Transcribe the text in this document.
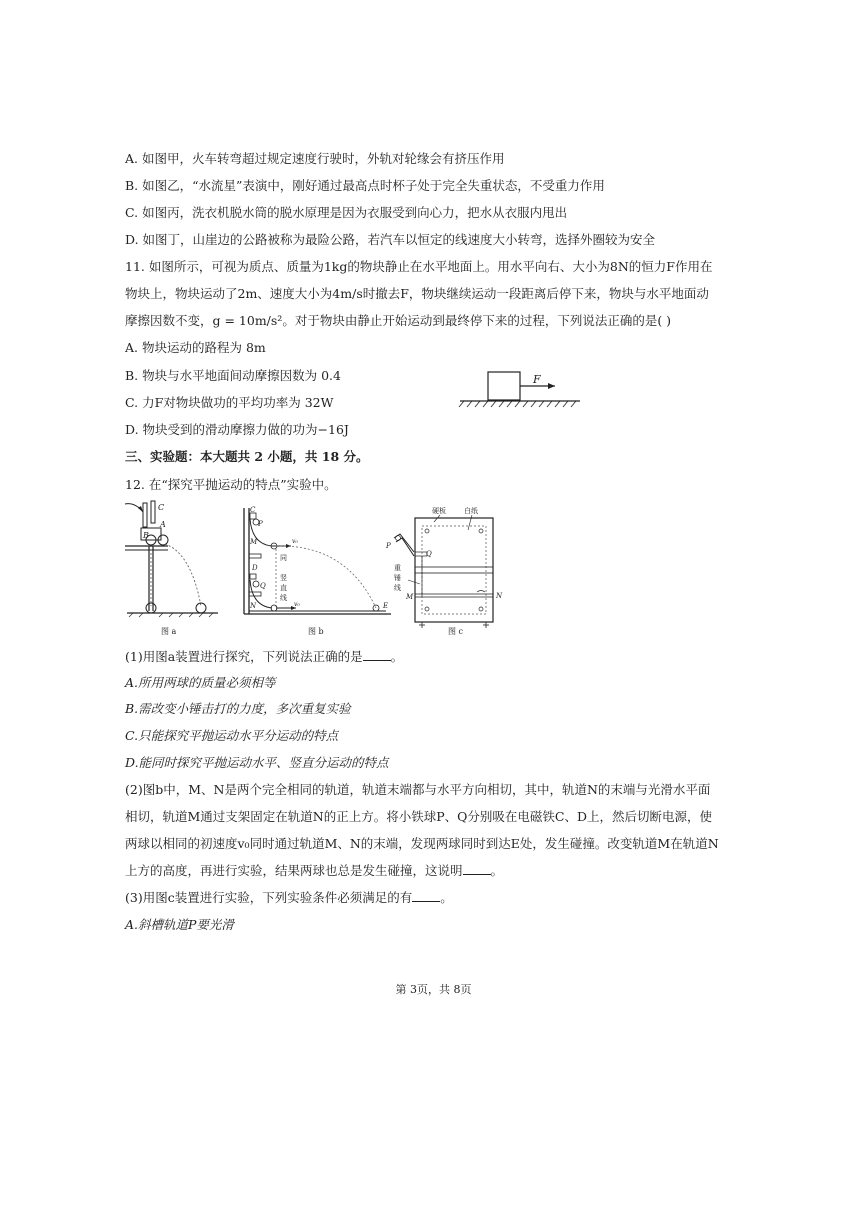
A. 如图甲，火车转弯超过规定速度行驶时，外轨对轮缘会有挤压作用
B. 如图乙，“水流星”表演中，刚好通过最高点时杯子处于完全失重状态，不受重力作用
C. 如图丙，洗衣机脱水筒的脱水原理是因为衣服受到向心力，把水从衣服内甩出
D. 如图丁，山崖边的公路被称为最险公路，若汽车以恒定的线速度大小转弯，选择外圈较为安全
11. 如图所示，可视为质点、质量为1kg的物块静止在水平地面上。用水平向右、大小为8N的恒力F作用在
物块上，物块运动了2m、速度大小为4m/s时撤去F，物块继续运动一段距离后停下来，物块与水平地面动
摩擦因数不变，g = 10m/s²。对于物块由静止开始运动到最终停下来的过程，下列说法正确的是( )
A. 物块运动的路程为 8m
B. 物块与水平地面间动摩擦因数为 0.4
C. 力F对物块做功的平均功率为 32W
D. 物块受到的滑动摩擦力做的功为−16J
F
三、实验题：本大题共 2 小题，共 18 分。
12. 在“探究平抛运动的特点”实验中。
C
A
B
图 a
C
P
M	v₀
同
竖
直
线
D
Q
N	v₀	E
图 b
硬板	白纸
P
Q
重
锤
线
M	N
图 c
(1)用图a装置进行探究，下列说法正确的是 。
A.所用两球的质量必须相等
B.需改变小锤击打的力度，多次重复实验
C.只能探究平抛运动水平分运动的特点
D.能同时探究平抛运动水平、竖直分运动的特点
(2)图b中，M、N是两个完全相同的轨道，轨道末端都与水平方向相切，其中，轨道N的末端与光滑水平面
相切，轨道M通过支架固定在轨道N的正上方。将小铁球P、Q分别吸在电磁铁C、D上，然后切断电源，使
两球以相同的初速度v₀同时通过轨道M、N的末端，发现两球同时到达E处，发生碰撞。改变轨道M在轨道N
上方的高度，再进行实验，结果两球也总是发生碰撞，这说明 。
(3)用图c装置进行实验，下列实验条件必须满足的有 。
A.斜槽轨道P要光滑
第 3页，共 8页
